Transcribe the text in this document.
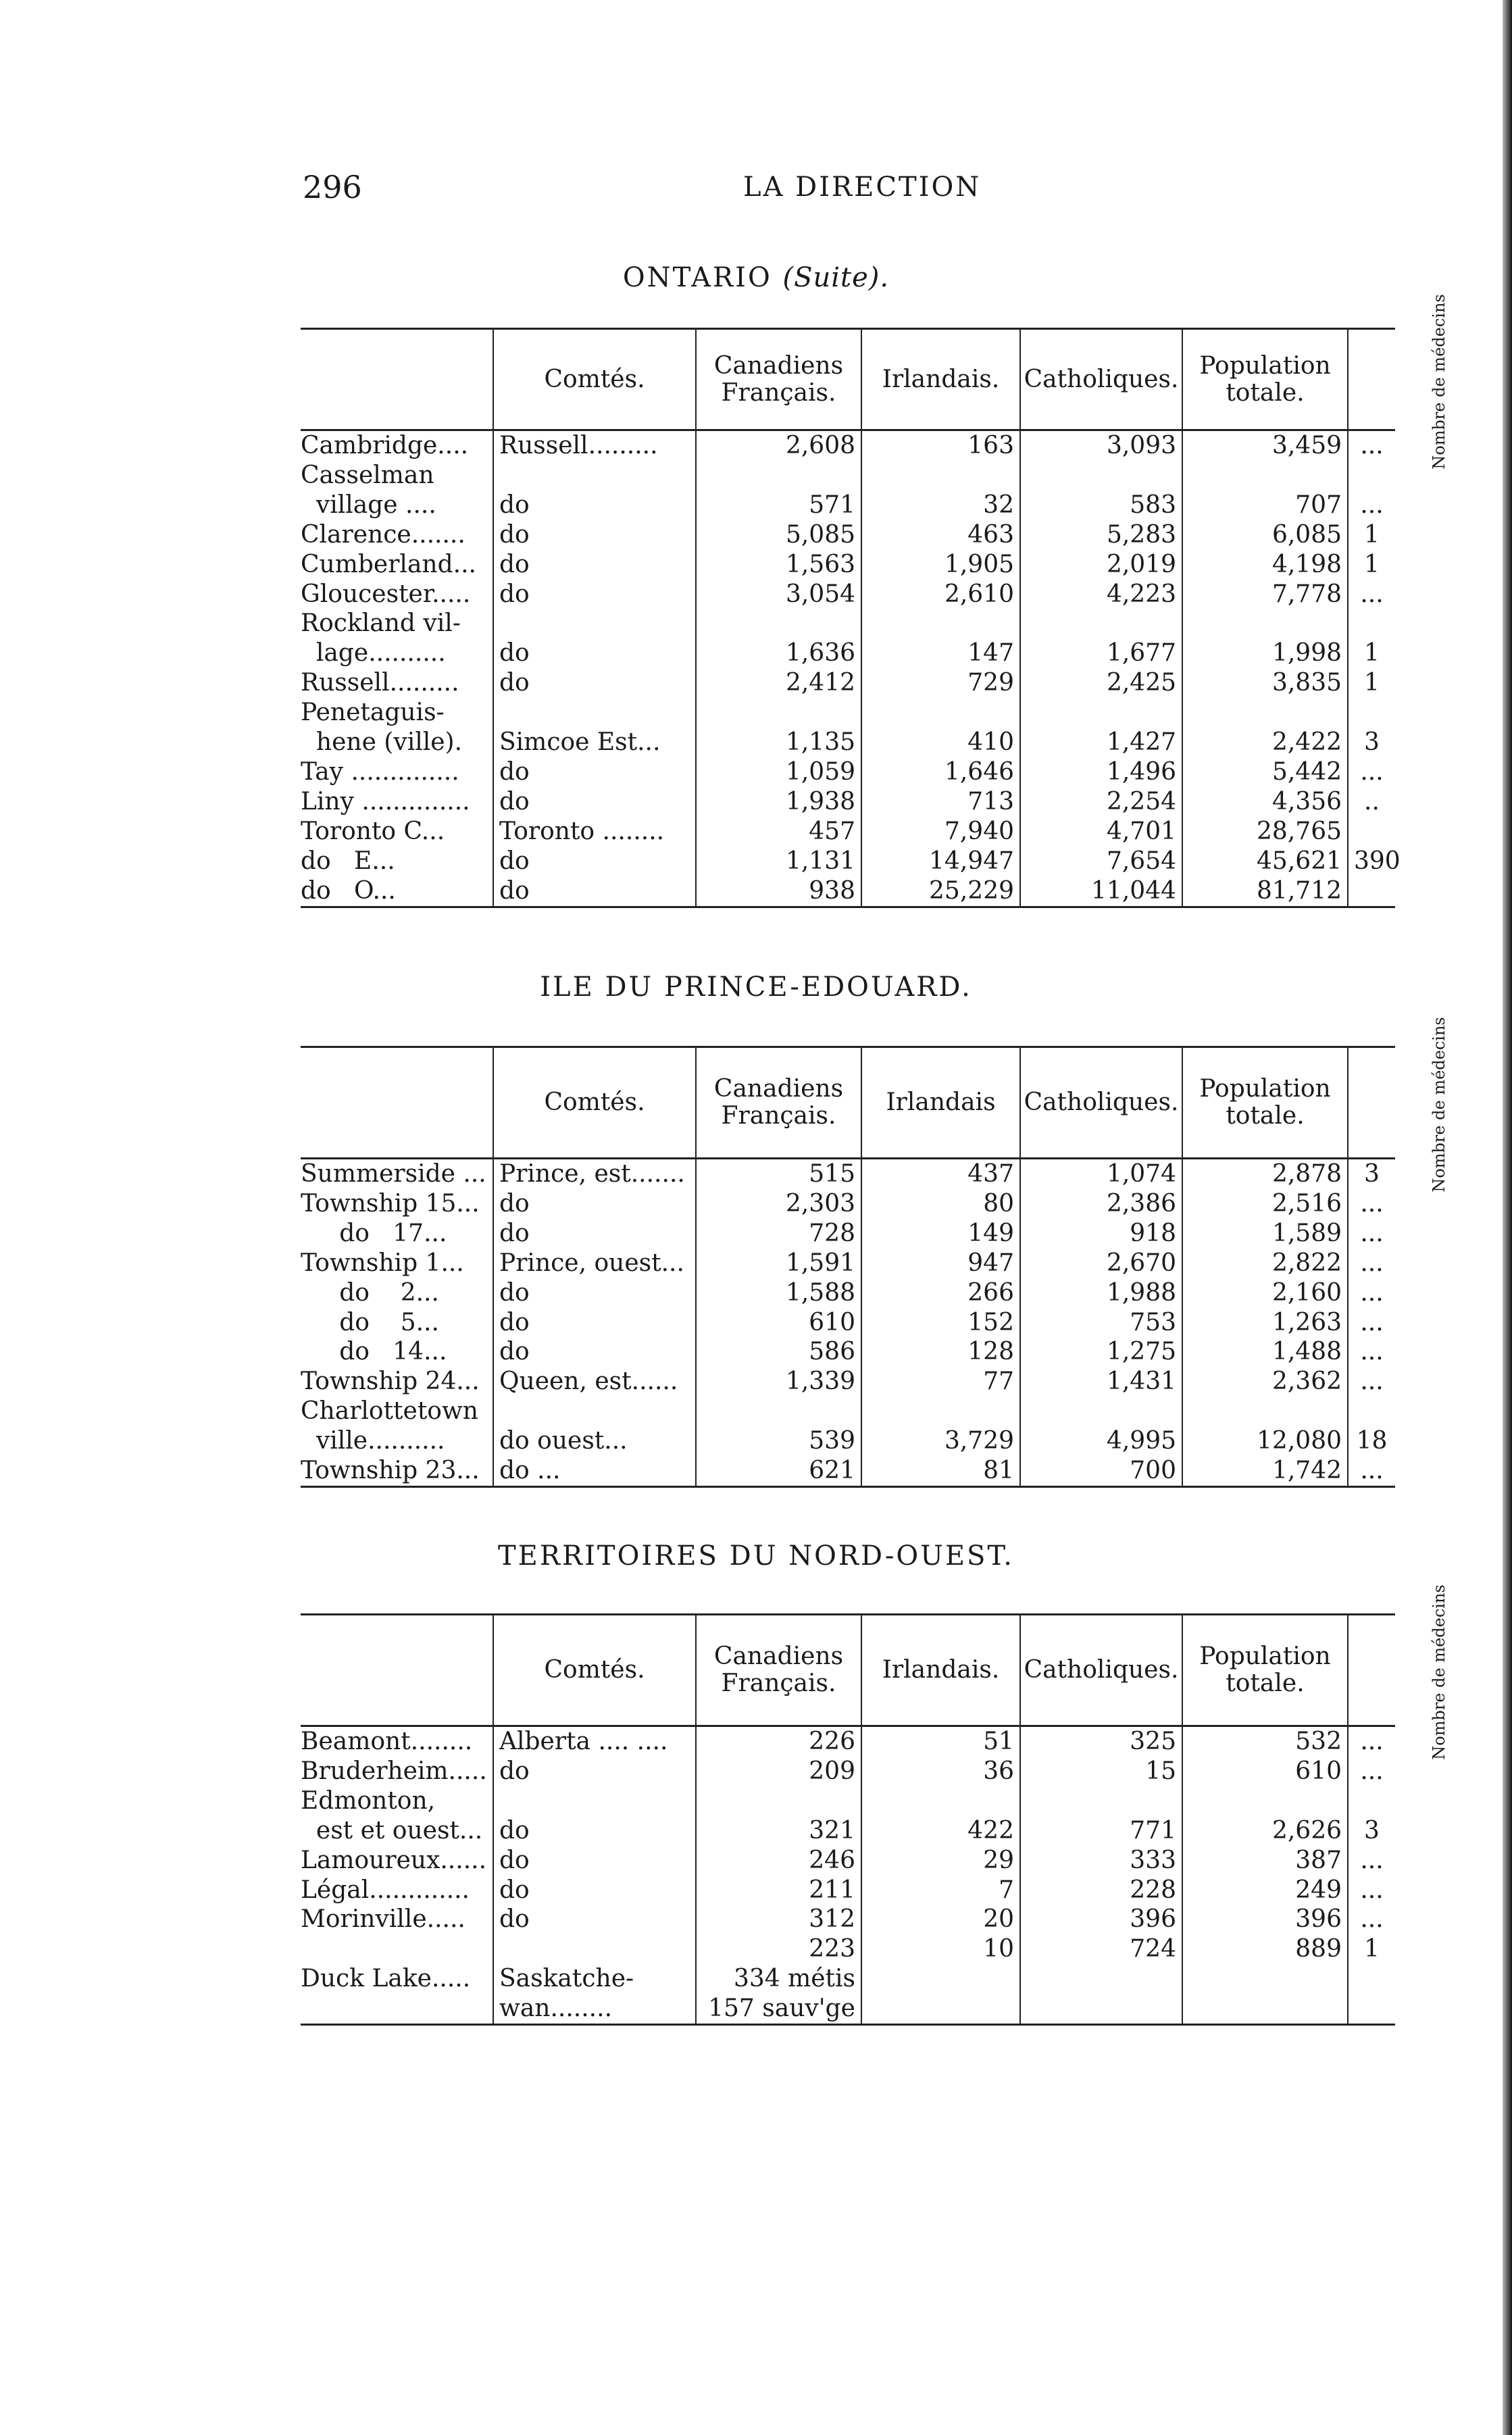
296	LA DIRECTION
ONTARIO (Suite).
	Comtés.	Canadiens Français.	Irlandais.	Catholiques.	Population totale.	Nombre de médecins
Cambridge....	Russell.........	2,608	163	3,093	3,459	...
Casselman						
village ....	do	571	32	583	707	...
Clarence.......	do	5,085	463	5,283	6,085	1
Cumberland...	do	1,563	1,905	2,019	4,198	1
Gloucester.....	do	3,054	2,610	4,223	7,778	...
Rockland vil-						
lage..........	do	1,636	147	1,677	1,998	1
Russell.........	do	2,412	729	2,425	3,835	1
Penetaguis-						
hene (ville).	Simcoe Est...	1,135	410	1,427	2,422	3
Tay ..............	do	1,059	1,646	1,496	5,442	...
Liny ..............	do	1,938	713	2,254	4,356	..
Toronto C...	Toronto ........	457	7,940	4,701	28,765	
do   E...	do	1,131	14,947	7,654	45,621	390
do   O...	do	938	25,229	11,044	81,712	
ILE DU PRINCE-EDOUARD.
	Comtés.	Canadiens Français.	Irlandais	Catholiques.	Population totale.	Nombre de médecins
Summerside ...	Prince, est.......	515	437	1,074	2,878	3
Township 15...	do	2,303	80	2,386	2,516	...
do   17...	do	728	149	918	1,589	...
Township 1...	Prince, ouest...	1,591	947	2,670	2,822	...
do    2...	do	1,588	266	1,988	2,160	...
do    5...	do	610	152	753	1,263	...
do   14...	do	586	128	1,275	1,488	...
Township 24...	Queen, est......	1,339	77	1,431	2,362	...
Charlottetown						
ville..........	do ouest...	539	3,729	4,995	12,080	18
Township 23...	do ...	621	81	700	1,742	...
TERRITOIRES DU NORD-OUEST.
	Comtés.	Canadiens Français.	Irlandais.	Catholiques.	Population totale.	Nombre de médecins
Beamont........	Alberta .... ....	226	51	325	532	...
Bruderheim.....	do	209	36	15	610	...
Edmonton,						
est et ouest...	do	321	422	771	2,626	3
Lamoureux......	do	246	29	333	387	...
Légal.............	do	211	7	228	249	...
Morinville.....	do	312	20	396	396	...
		223	10	724	889	1
Duck Lake.....	Saskatche-	334 métis				
	wan........	157 sauv'ge				
